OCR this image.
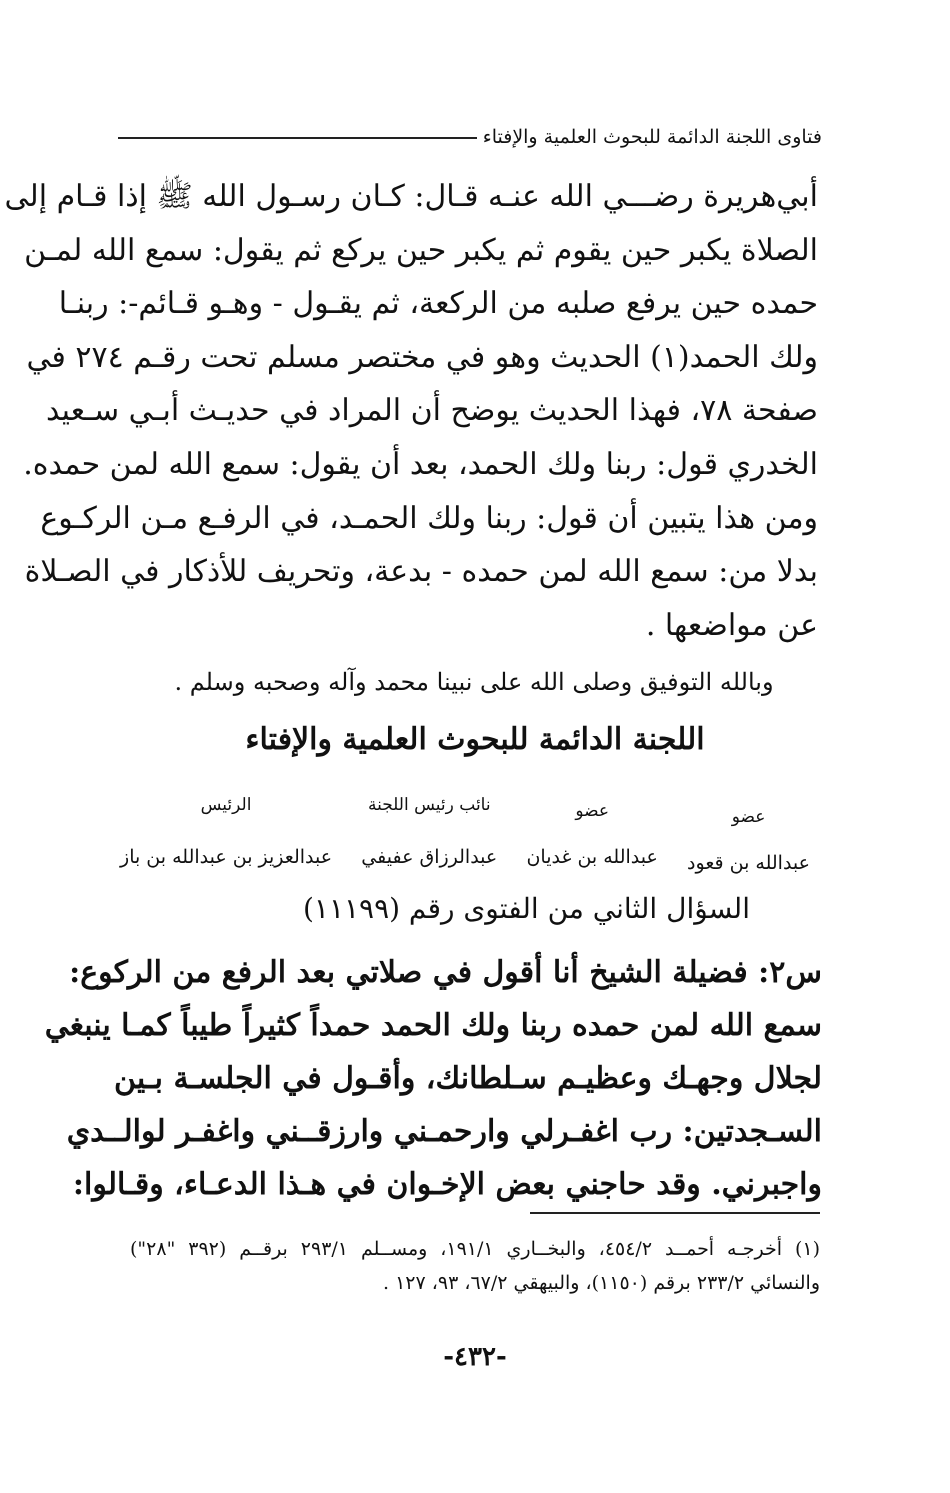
فتاوى اللجنة الدائمة للبحوث العلمية والإفتاء
أبي‌هريرة رضـــي الله عنـه قـال: كـان رسـول الله ﷺ إذا قـام إلى
الصلاة يكبر حين يقوم ثم يكبر حين يركع ثم يقول: سمع الله لمـن
حمده حين يرفع صلبه من الركعة، ثم يقـول - وهـو قـائم-: ربنـا
ولك الحمد(١) الحديث وهو في مختصر مسلم تحت رقـم ٢٧٤ في
صفحة ٧٨، فهذا الحديث يوضح أن المراد في حديـث أبـي سـعيد
الخدري قول: ربنا ولك الحمد، بعد أن يقول: سمع الله لمن حمده.
ومن هذا يتبين أن قول: ربنا ولك الحمـد، في الرفـع مـن الركـوع
بدلا من: سمع الله لمن حمده - بدعة، وتحريف للأذكار في الصـلاة
عن مواضعها .
وبالله التوفيق وصلى الله على نبينا محمد وآله وصحبه وسلم .
اللجنة الدائمة للبحوث العلمية والإفتاء
عضو
عبدالله بن قعود
عضو
عبدالله بن غديان
نائب رئيس اللجنة
عبدالرزاق عفيفي
الرئيس
عبدالعزيز بن عبدالله بن باز
السؤال الثاني من الفتوى رقم (١١١٩٩)
س٢: فضيلة الشيخ أنا أقول في صلاتي بعد الرفع من الركوع:
سمع الله لمن حمده ربنا ولك الحمد حمداً كثيراً طيباً كمـا ينبغي
لجلال وجهـك وعظيـم سـلطانك، وأقـول في الجلسـة بـين
السـجدتين: رب اغفـرلي وارحمـني وارزقــني واغفـر لوالــدي
واجبرني. وقد حاجني بعض الإخـوان في هـذا الدعـاء، وقـالوا:
(١) أخرجـه أحمــد ٤٥٤/٢، والبخــاري ١٩١/١، ومســلم ٢٩٣/١ برقــم (٣٩٢ "٢٨")
والنسائي ٢٣٣/٢ برقم (١١٥٠)، والبيهقي ٦٧/٢، ٩٣، ١٢٧ .
-٤٣٢-
